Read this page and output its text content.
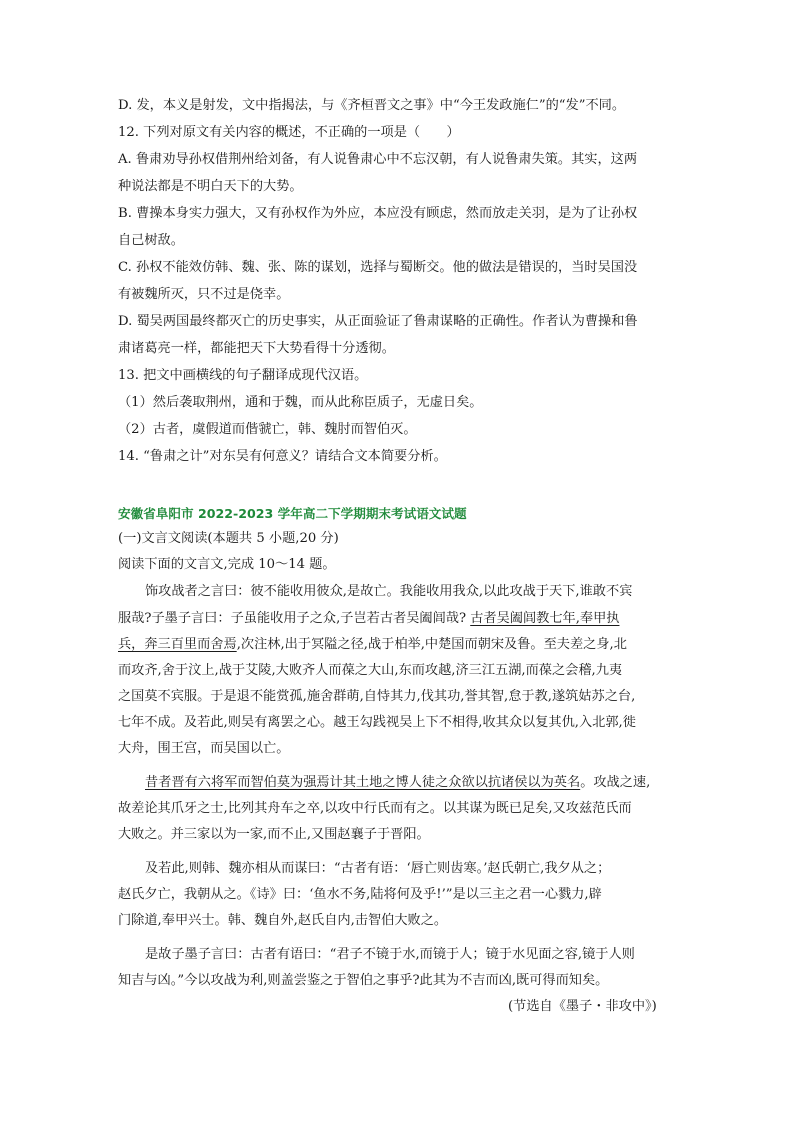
D. 发，本义是射发，文中指揭法，与《齐桓晋文之事》中“今王发政施仁”的“发”不同。
12. 下列对原文有关内容的概述，不正确的一项是（　　）
A. 鲁肃劝导孙权借荆州给刘备，有人说鲁肃心中不忘汉朝，有人说鲁肃失策。其实，这两
种说法都是不明白天下的大势。
B. 曹操本身实力强大，又有孙权作为外应，本应没有顾虑，然而放走关羽，是为了让孙权
自己树敌。
C. 孙权不能效仿韩、魏、张、陈的谋划，选择与蜀断交。他的做法是错误的，当时吴国没
有被魏所灭，只不过是侥幸。
D. 蜀吴两国最终都灭亡的历史事实，从正面验证了鲁肃谋略的正确性。作者认为曹操和鲁
肃诸葛亮一样，都能把天下大势看得十分透彻。
13. 把文中画横线的句子翻译成现代汉语。
（1）然后袭取荆州，通和于魏，而从此称臣质子，无虚日矣。
（2）古者，虞假道而偕虢亡，韩、魏肘而智伯灭。
14. “鲁肃之计”对东吴有何意义？请结合文本简要分析。
安徽省阜阳市 2022-2023 学年高二下学期期末考试语文试题
(一)文言文阅读(本题共 5 小题,20 分)
阅读下面的文言文,完成 10～14 题。
饰攻战者之言曰：彼不能收用彼众,是故亡。我能收用我众,以此攻战于天下,谁敢不宾
服哉?子墨子言曰：子虽能收用子之众,子岂若古者吴阖闾哉? 古者吴阖闾教七年,奉甲执
兵，奔三百里而舍焉,次注林,出于冥隘之径,战于柏举,中楚国而朝宋及鲁。至夫差之身,北
而攻齐,舍于汶上,战于艾陵,大败齐人而葆之大山,东而攻越,济三江五湖,而葆之会稽,九夷
之国莫不宾服。于是退不能赏孤,施舍群萌,自恃其力,伐其功,誉其智,怠于教,遂筑姑苏之台,
七年不成。及若此,则吴有离罢之心。越王勾践视吴上下不相得,收其众以复其仇,入北郭,徙
大舟，围王宫，而吴国以亡。
昔者晋有六将军而智伯莫为强焉计其土地之博人徒之众欲以抗诸侯以为英名。攻战之速,
故差论其爪牙之士,比列其舟车之卒,以攻中行氏而有之。以其谋为既已足矣,又攻兹范氏而
大败之。并三家以为一家,而不止,又围赵襄子于晋阳。
及若此,则韩、魏亦相从而谋曰：“古者有语：‘唇亡则齿寒。’赵氏朝亡,我夕从之；
赵氏夕亡，我朝从之。《诗》曰：‘鱼水不务,陆将何及乎!’”是以三主之君一心戮力,辟
门除道,奉甲兴士。韩、魏自外,赵氏自内,击智伯大败之。
是故子墨子言曰：古者有语曰：“君子不镜于水,而镜于人；镜于水见面之容,镜于人则
知吉与凶。”今以攻战为利,则盖尝鉴之于智伯之事乎?此其为不吉而凶,既可得而知矣。
(节选自《墨子・非攻中》)
